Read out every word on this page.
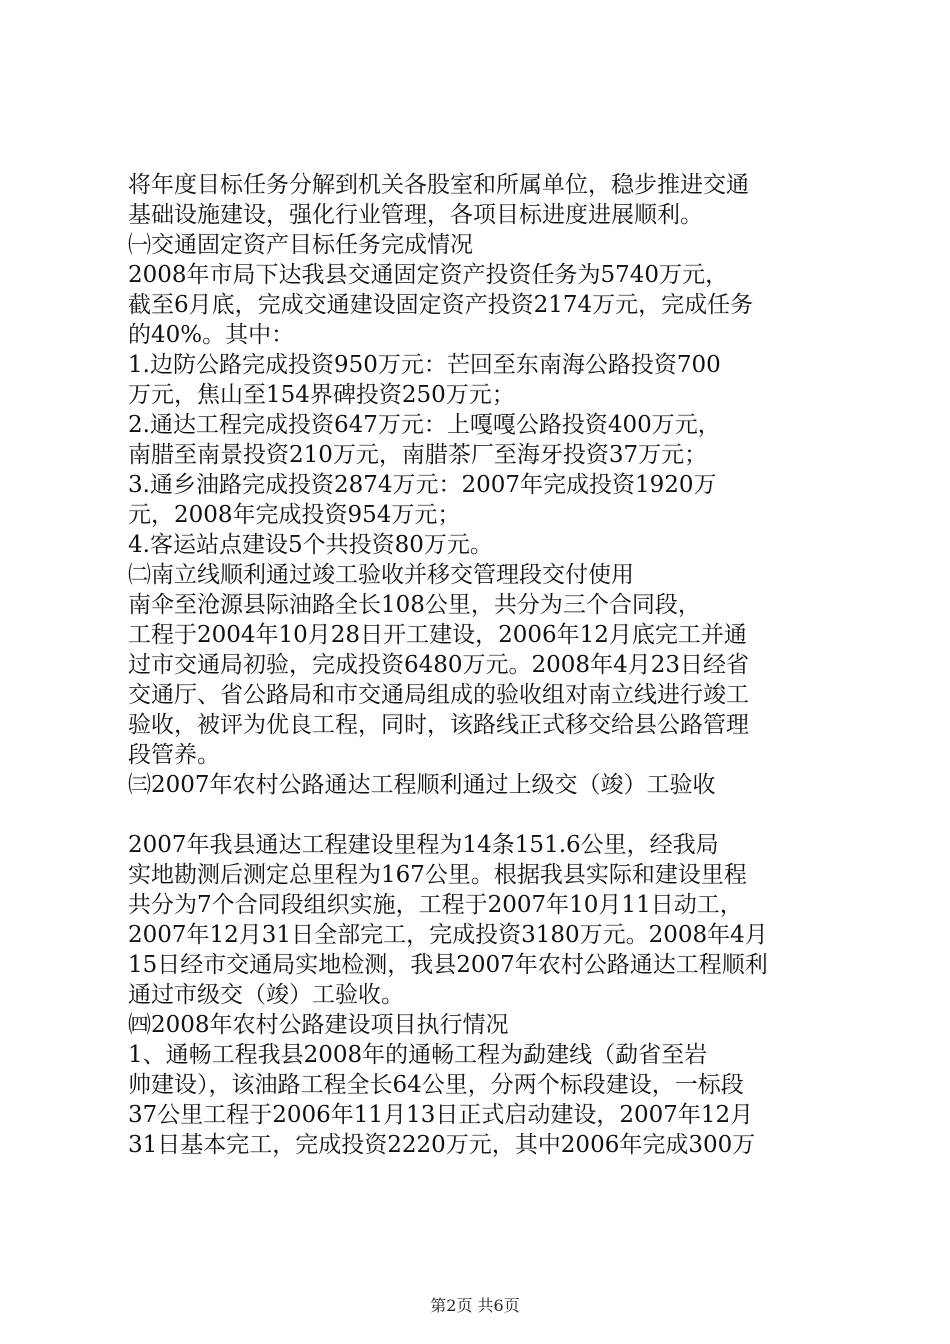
将年度目标任务分解到机关各股室和所属单位，稳步推进交通
基础设施建设，强化行业管理，各项目标进度进展顺利。
㈠交通固定资产目标任务完成情况
2008年市局下达我县交通固定资产投资任务为5740万元，
截至6月底，完成交通建设固定资产投资2174万元，完成任务
的40%。其中：
1.边防公路完成投资950万元：芒回至东南海公路投资700
万元，焦山至154界碑投资250万元；
2.通达工程完成投资647万元：上嘎嘎公路投资400万元，
南腊至南景投资210万元，南腊茶厂至海牙投资37万元；
3.通乡油路完成投资2874万元：2007年完成投资1920万
元，2008年完成投资954万元；
4.客运站点建设5个共投资80万元。
㈡南立线顺利通过竣工验收并移交管理段交付使用
南伞至沧源县际油路全长108公里，共分为三个合同段，
工程于2004年10月28日开工建设，2006年12月底完工并通
过市交通局初验，完成投资6480万元。2008年4月23日经省
交通厅、省公路局和市交通局组成的验收组对南立线进行竣工
验收，被评为优良工程，同时，该路线正式移交给县公路管理
段管养。
㈢2007年农村公路通达工程顺利通过上级交（竣）工验收
2007年我县通达工程建设里程为14条151.6公里，经我局
实地勘测后测定总里程为167公里。根据我县实际和建设里程
共分为7个合同段组织实施，工程于2007年10月11日动工，
2007年12月31日全部完工，完成投资3180万元。2008年4月
15日经市交通局实地检测，我县2007年农村公路通达工程顺利
通过市级交（竣）工验收。
㈣2008年农村公路建设项目执行情况
1、通畅工程我县2008年的通畅工程为勐建线（勐省至岩
帅建设），该油路工程全长64公里，分两个标段建设，一标段
37公里工程于2006年11月13日正式启动建设，2007年12月
31日基本完工，完成投资2220万元，其中2006年完成300万
第2页 共6页
